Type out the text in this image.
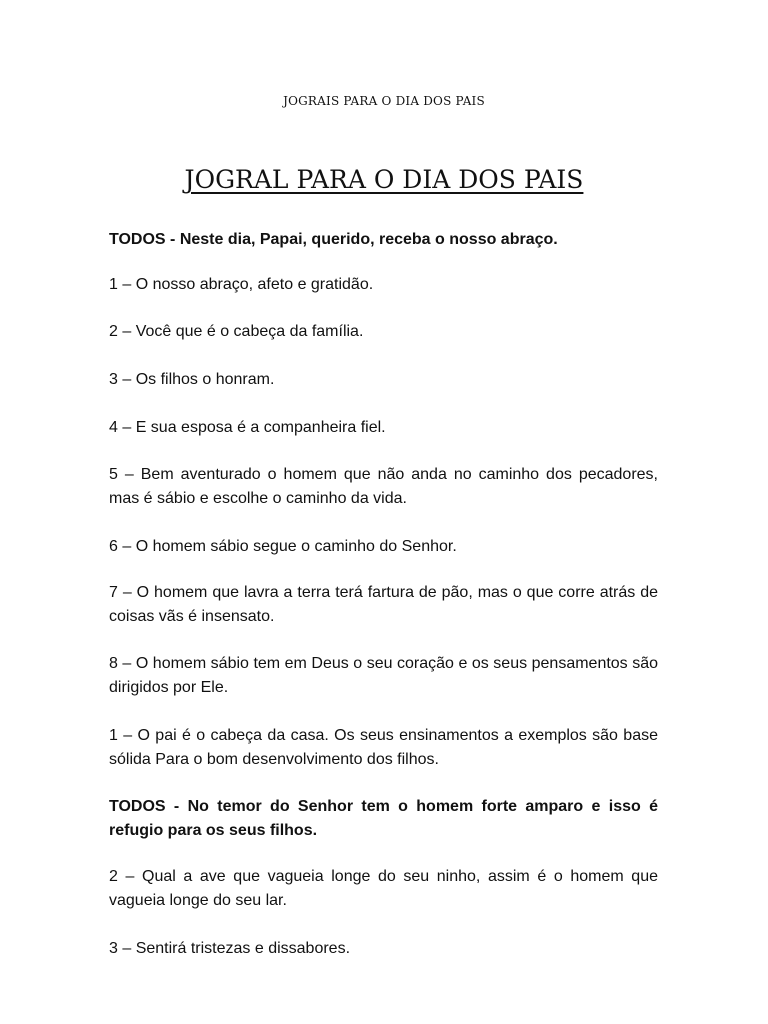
JOGRAIS PARA O DIA DOS PAIS
JOGRAL PARA O DIA DOS PAIS

TODOS - Neste dia, Papai, querido, receba o nosso abraço.

1 – O nosso abraço, afeto e gratidão.

2 – Você que é o cabeça da família.

3 – Os filhos o honram.

4 – E sua esposa é a companheira fiel.

5 – Bem aventurado o homem que não anda no caminho dos pecadores, mas é sábio e escolhe o caminho da vida.

6 – O homem sábio segue o caminho do Senhor.

7 – O homem que lavra a terra terá fartura de pão, mas o que corre atrás de coisas vãs é insensato.

8 – O homem sábio tem em Deus o seu coração e os seus pensamentos são dirigidos por Ele.

1 – O pai é o cabeça da casa. Os seus ensinamentos a exemplos são base sólida Para o bom desenvolvimento dos filhos.

TODOS - No temor do Senhor tem o homem forte amparo e isso é refugio para os seus filhos.

2 – Qual a ave que vagueia longe do seu ninho, assim é o homem que vagueia longe do seu lar.

3 – Sentirá tristezas e dissabores.
